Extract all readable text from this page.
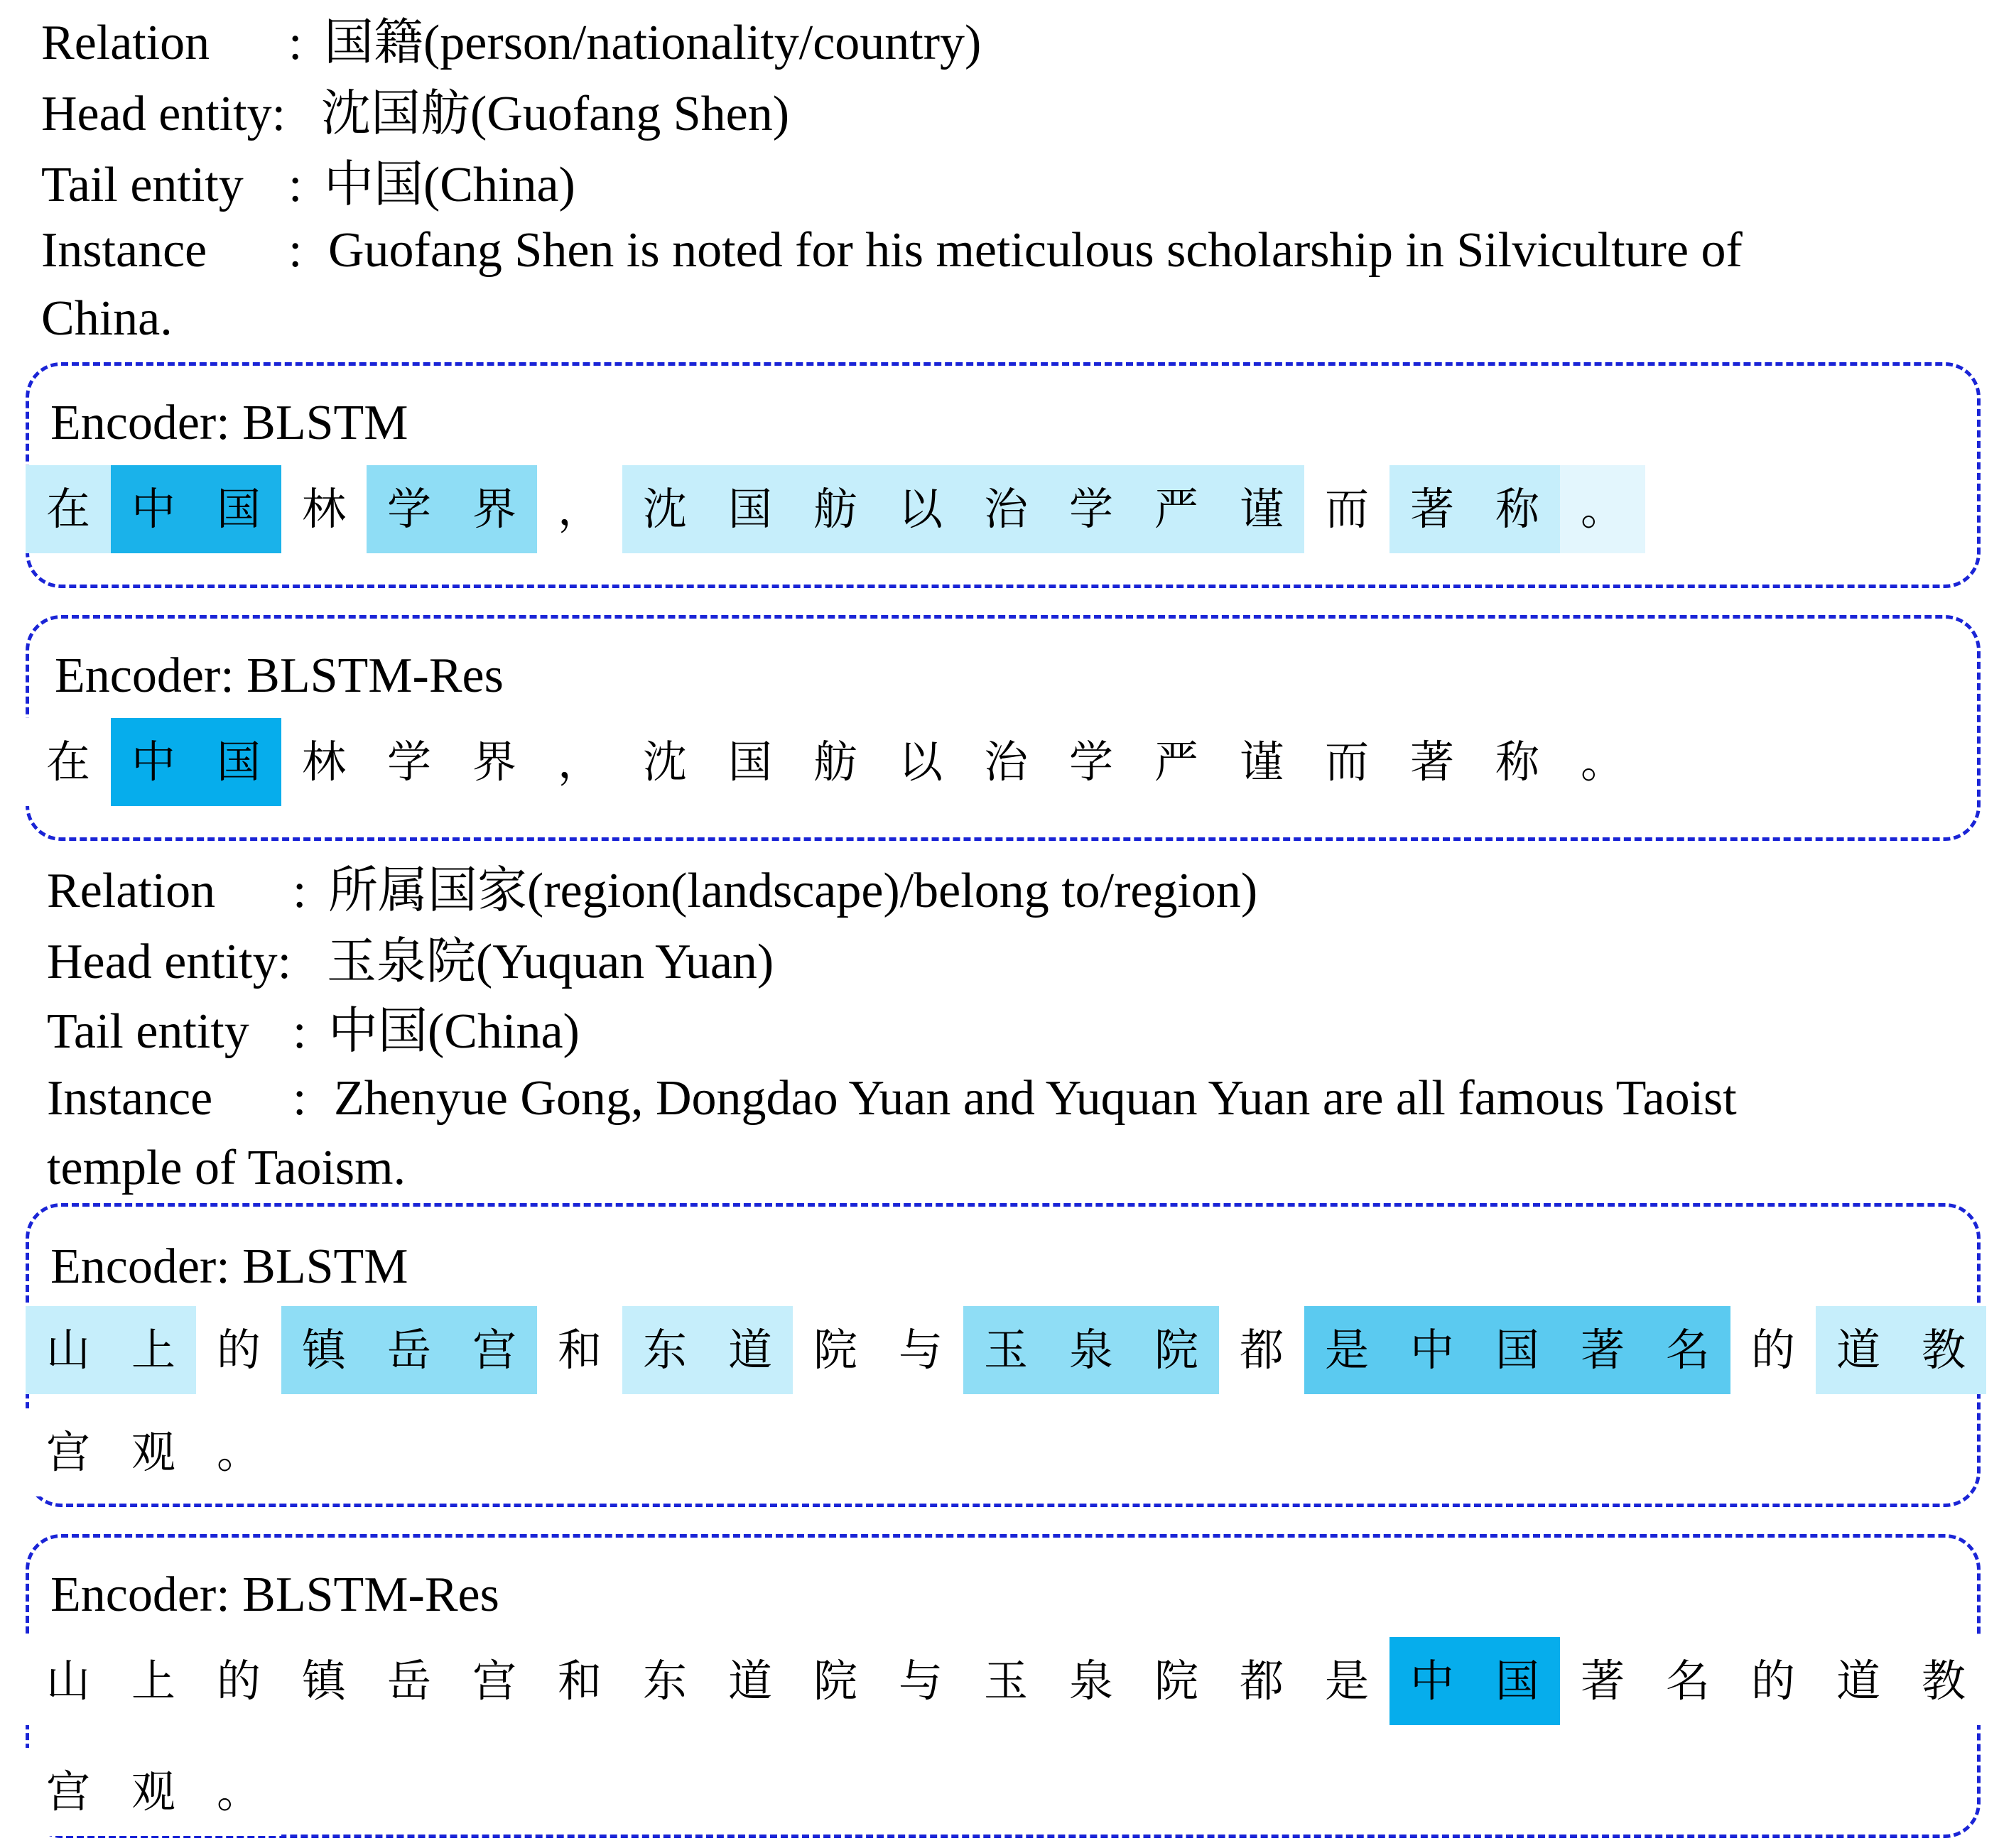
Relation

:

国籍(person/nationality/country)

Head entity:

沈国舫(Guofang Shen)

Tail entity

:

中国(China)

Instance

:

Guofang Shen is noted for his meticulous scholarship in Silviculture of

China.

Encoder: BLSTM
在 中 国 林 学 界 ， 沈 国 舫 以 治 学 严 谨 而 著 称 。
Encoder: BLSTM-Res
在 中 国 林 学 界 ， 沈 国 舫 以 治 学 严 谨 而 著 称 。

Relation

:

所属国家(region(landscape)/belong to/region)

Head entity:

玉泉院(Yuquan Yuan)

Tail entity

:

中国(China)

Instance

:

Zhenyue Gong, Dongdao Yuan and Yuquan Yuan are all famous Taoist

temple of Taoism.

Encoder: BLSTM
山 上 的 镇 岳 宫 和 东 道 院 与 玉 泉 院 都 是 中 国 著 名 的 道 教
宫 观 。
Encoder: BLSTM-Res
山 上 的 镇 岳 宫 和 东 道 院 与 玉 泉 院 都 是 中 国 著 名 的 道 教
宫 观 。
